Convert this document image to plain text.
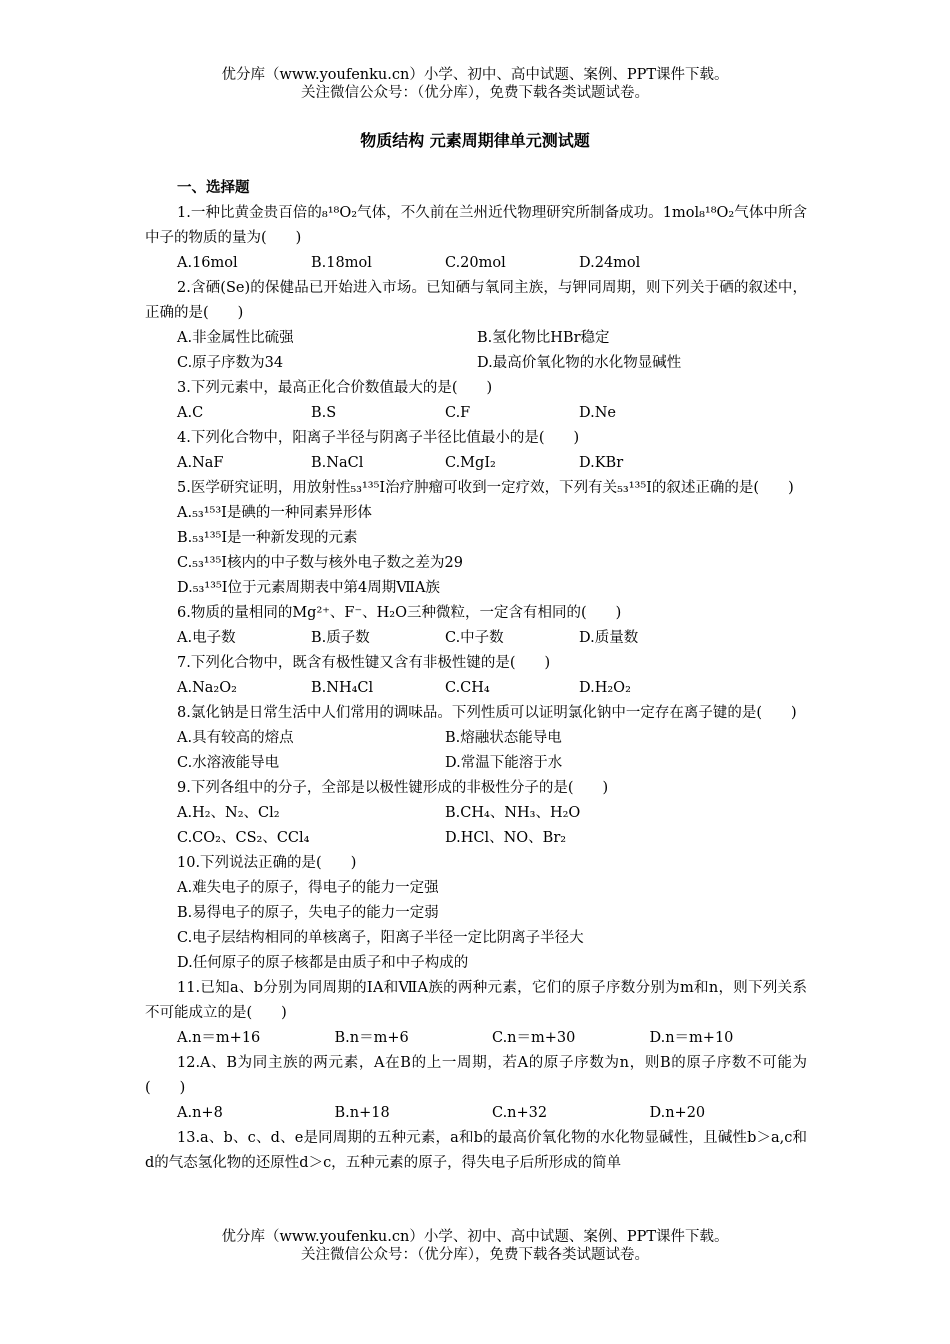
优分库（www.youfenku.cn）小学、初中、高中试题、案例、PPT课件下载。
关注微信公众号：（优分库），免费下载各类试题试卷。
物质结构 元素周期律单元测试题
一、选择题
1.一种比黄金贵百倍的₈¹⁸O₂气体，不久前在兰州近代物理研究所制备成功。1mol₈¹⁸O₂气体中所含中子的物质的量为(　　)
A.16mol	B.18mol	C.20mol	D.24mol
2.含硒(Se)的保健品已开始进入市场。已知硒与氧同主族，与钾同周期，则下列关于硒的叙述中，正确的是(　　)
A.非金属性比硫强	B.氢化物比HBr稳定
C.原子序数为34	D.最高价氧化物的水化物显碱性
3.下列元素中，最高正化合价数值最大的是(　　)
A.C	B.S	C.F	D.Ne
4.下列化合物中，阳离子半径与阴离子半径比值最小的是(　　)
A.NaF	B.NaCl	C.MgI₂	D.KBr
5.医学研究证明，用放射性₅₃¹³⁵I治疗肿瘤可收到一定疗效，下列有关₅₃¹³⁵I的叙述正确的是(　　)
A.₅₃¹⁵³I是碘的一种同素异形体
B.₅₃¹³⁵I是一种新发现的元素
C.₅₃¹³⁵I核内的中子数与核外电子数之差为29
D.₅₃¹³⁵I位于元素周期表中第4周期ⅦA族
6.物质的量相同的Mg²⁺、F⁻、H₂O三种微粒，一定含有相同的(　　)
A.电子数	B.质子数	C.中子数	D.质量数
7.下列化合物中，既含有极性键又含有非极性键的是(　　)
A.Na₂O₂	B.NH₄Cl	C.CH₄	D.H₂O₂
8.氯化钠是日常生活中人们常用的调味品。下列性质可以证明氯化钠中一定存在离子键的是(　　)
A.具有较高的熔点	B.熔融状态能导电
C.水溶液能导电	D.常温下能溶于水
9.下列各组中的分子，全部是以极性键形成的非极性分子的是(　　)
A.H₂、N₂、Cl₂	B.CH₄、NH₃、H₂O
C.CO₂、CS₂、CCl₄	D.HCl、NO、Br₂
10.下列说法正确的是(　　)
A.难失电子的原子，得电子的能力一定强
B.易得电子的原子，失电子的能力一定弱
C.电子层结构相同的单核离子，阳离子半径一定比阴离子半径大
D.任何原子的原子核都是由质子和中子构成的
11.已知a、b分别为同周期的ⅠA和ⅦA族的两种元素，它们的原子序数分别为m和n，则下列关系不可能成立的是(　　)
A.n＝m+16	B.n＝m+6	C.n＝m+30	D.n＝m+10
12.A、B为同主族的两元素，A在B的上一周期，若A的原子序数为n，则B的原子序数不可能为(　　)
A.n+8	B.n+18	C.n+32	D.n+20
13.a、b、c、d、e是同周期的五种元素，a和b的最高价氧化物的水化物显碱性，且碱性b＞a,c和d的气态氢化物的还原性d＞c，五种元素的原子，得失电子后所形成的简单
优分库（www.youfenku.cn）小学、初中、高中试题、案例、PPT课件下载。
关注微信公众号：（优分库），免费下载各类试题试卷。
